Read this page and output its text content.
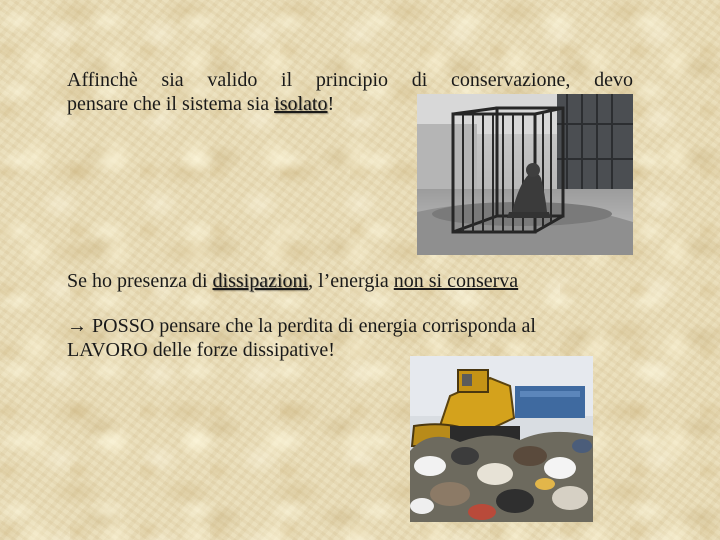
Affinchè sia valido il principio di conservazione, devo
pensare che il sistema sia isolato!

Se ho presenza di dissipazioni, l’energia non si conserva

→ POSSO pensare che la perdita di energia corrisponda al
LAVORO delle forze dissipative!
